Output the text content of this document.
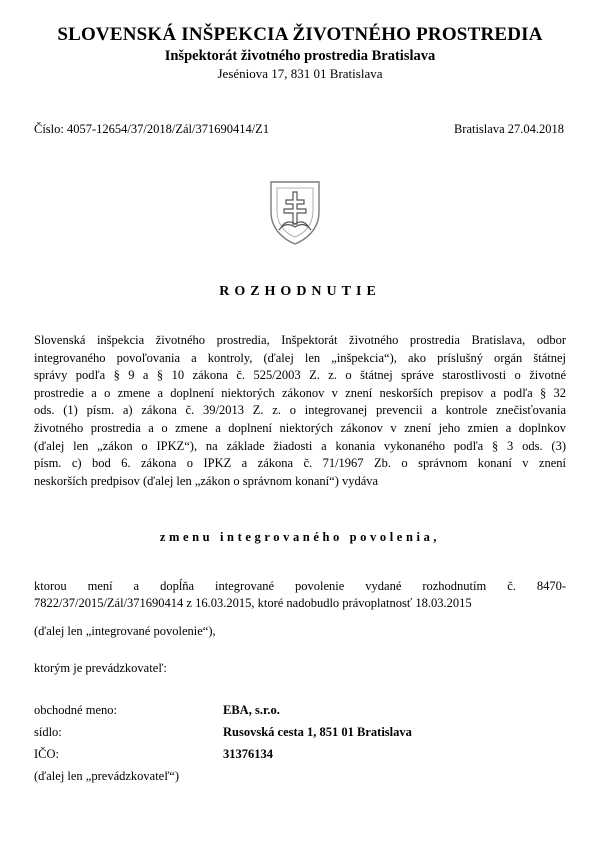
SLOVENSKÁ INŠPEKCIA ŽIVOTNÉHO PROSTREDIA
Inšpektorát životného prostredia Bratislava
Jeséniova 17, 831 01 Bratislava
Číslo: 4057-12654/37/2018/Zál/371690414/Z1	Bratislava 27.04.2018
ROZHODNUTIE
Slovenská inšpekcia životného prostredia, Inšpektorát životného prostredia Bratislava, odbor
integrovaného povoľovania a kontroly, (ďalej len „inšpekcia“), ako príslušný orgán štátnej
správy podľa § 9 a § 10 zákona č. 525/2003 Z. z. o štátnej správe starostlivosti o životné
prostredie a o zmene a doplnení niektorých zákonov v znení neskorších prepisov a podľa § 32
ods. (1) písm. a) zákona č. 39/2013 Z. z. o integrovanej prevencii a kontrole znečisťovania
životného prostredia a o zmene a doplnení niektorých zákonov v znení jeho zmien a doplnkov
(ďalej len „zákon o IPKZ“), na základe žiadosti a konania vykonaného podľa § 3 ods. (3)
písm. c) bod 6. zákona o IPKZ a zákona č. 71/1967 Zb. o správnom konaní v znení
neskorších predpisov (ďalej len „zákon o správnom konaní“) vydáva
zmenu integrovaného povolenia,
ktorou mení a dopĺňa integrované povolenie vydané rozhodnutím č. 8470-
7822/37/2015/Zál/371690414 z 16.03.2015, ktoré nadobudlo právoplatnosť 18.03.2015
(ďalej len „integrované povolenie“),
ktorým je prevádzkovateľ:
obchodné meno:	EBA, s.r.o.
sídlo:	Rusovská cesta 1, 851 01 Bratislava
IČO:	31376134
(ďalej len „prevádzkovateľ“)
